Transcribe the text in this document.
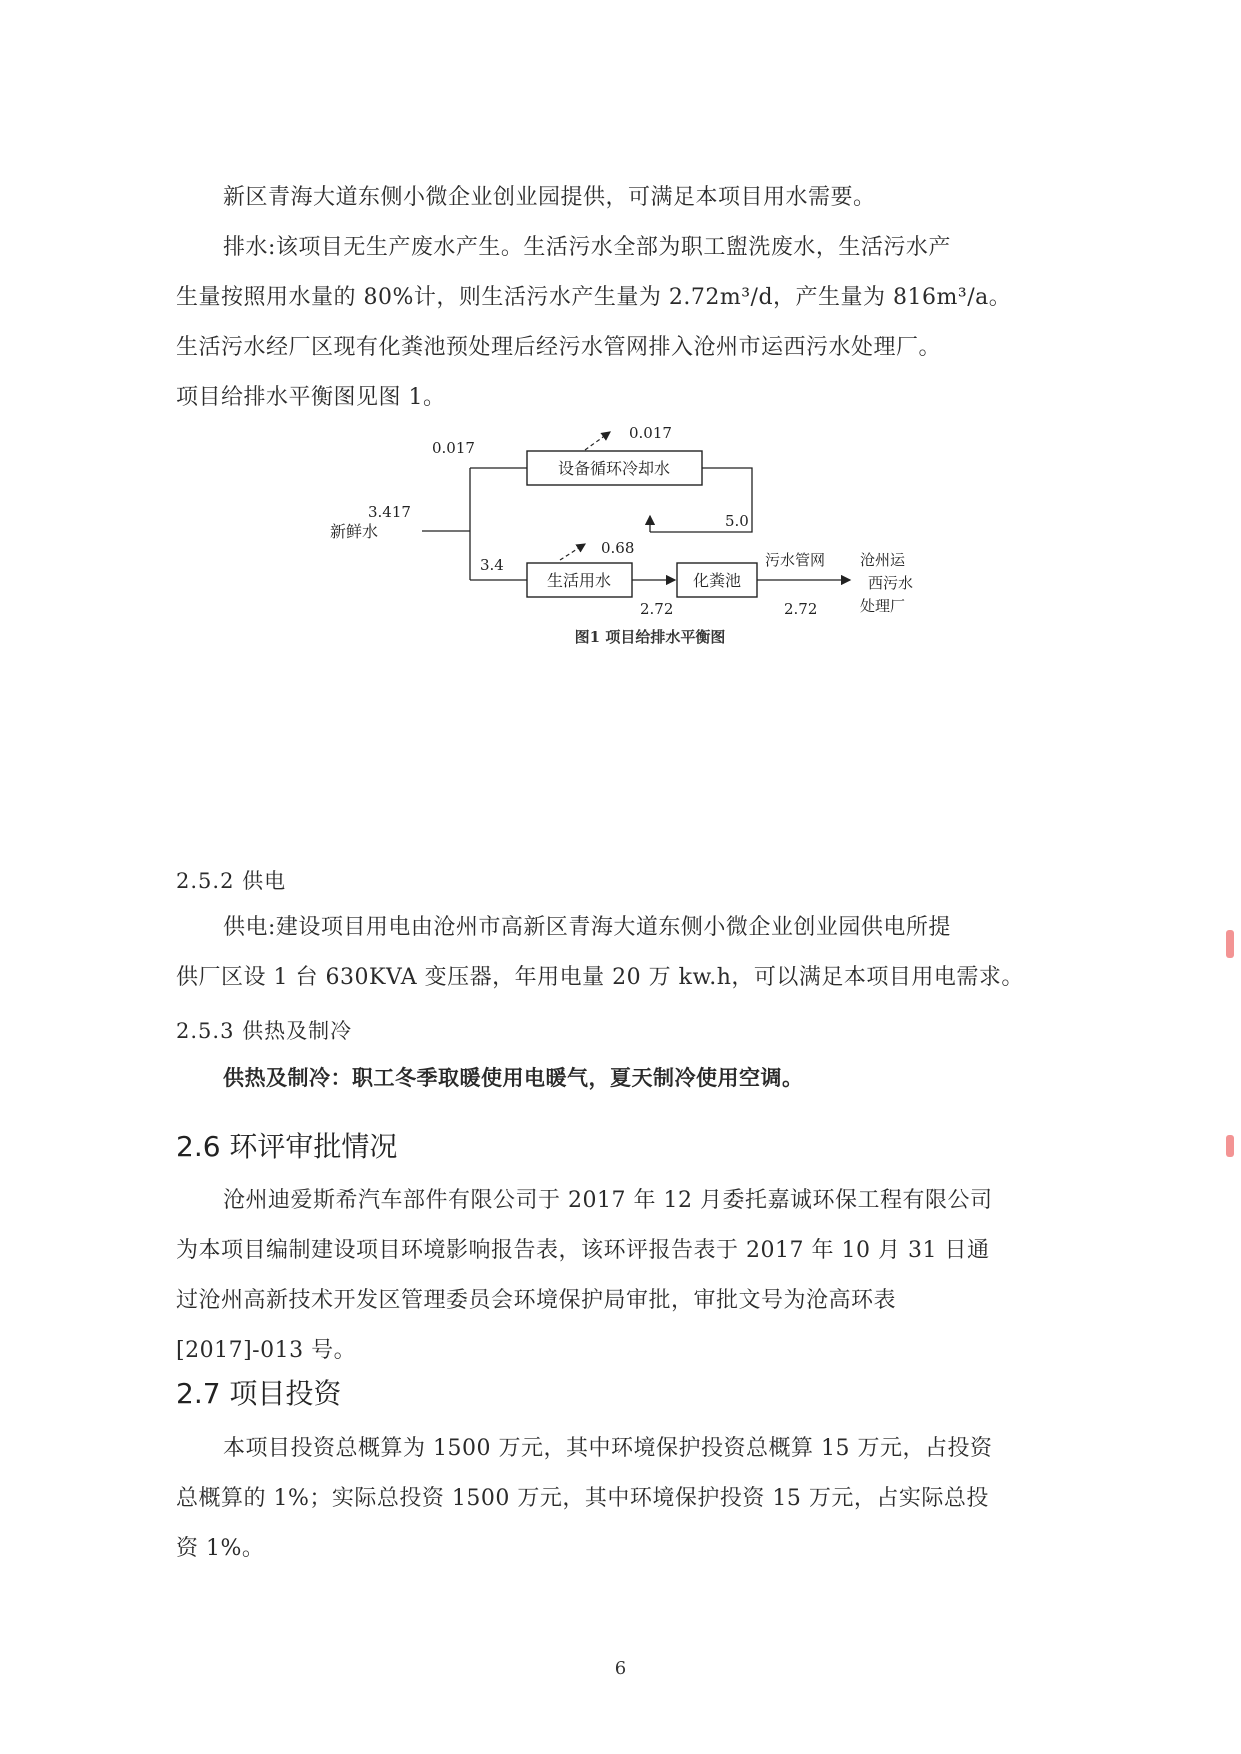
新区青海大道东侧小微企业创业园提供，可满足本项目用水需要。

排水:该项目无生产废水产生。生活污水全部为职工盥洗废水，生活污水产

生量按照用水量的 80%计，则生活污水产生量为 2.72m³/d，产生量为 816m³/a。

生活污水经厂区现有化粪池预处理后经污水管网排入沧州市运西污水处理厂。

项目给排水平衡图见图 1。

设备循环冷却水
0.017
生活用水
0.68
化粪池
3.417
新鲜水
0.017
3.4
5.0
2.72
污水管网
2.72
沧州运
西污水
处理厂
图1 项目给排水平衡图

2.5.2 供电

供电:建设项目用电由沧州市高新区青海大道东侧小微企业创业园供电所提

供厂区设 1 台 630KVA 变压器，年用电量 20 万 kw.h，可以满足本项目用电需求。

2.5.3 供热及制冷

供热及制冷：职工冬季取暖使用电暖气，夏天制冷使用空调。

2.6 环评审批情况

沧州迪爱斯希汽车部件有限公司于 2017 年 12 月委托嘉诚环保工程有限公司

为本项目编制建设项目环境影响报告表，该环评报告表于 2017 年 10 月 31 日通

过沧州高新技术开发区管理委员会环境保护局审批，审批文号为沧高环表

[2017]-013 号。

2.7 项目投资

本项目投资总概算为 1500 万元，其中环境保护投资总概算 15 万元，占投资

总概算的 1%；实际总投资 1500 万元，其中环境保护投资 15 万元，占实际总投

资 1%。

6
